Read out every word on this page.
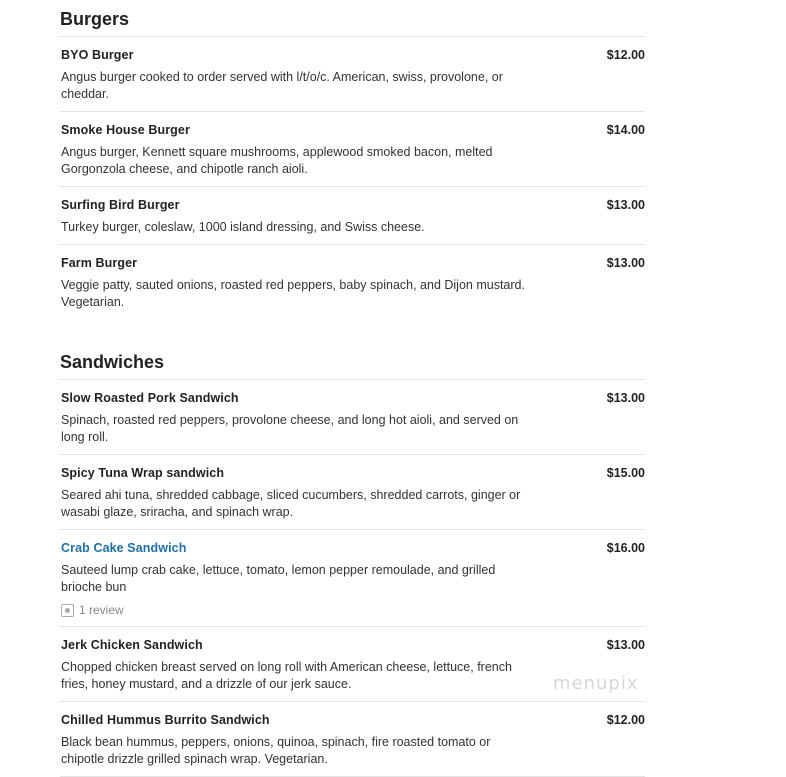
Burgers
BYO Burger	$12.00
Angus burger cooked to order served with l/t/o/c. American, swiss, provolone, or cheddar.
Smoke House Burger	$14.00
Angus burger, Kennett square mushrooms, applewood smoked bacon, melted Gorgonzola cheese, and chipotle ranch aioli.
Surfing Bird Burger	$13.00
Turkey burger, coleslaw, 1000 island dressing, and Swiss cheese.
Farm Burger	$13.00
Veggie patty, sauted onions, roasted red peppers, baby spinach, and Dijon mustard. Vegetarian.
Sandwiches
Slow Roasted Pork Sandwich	$13.00
Spinach, roasted red peppers, provolone cheese, and long hot aioli, and served on long roll.
Spicy Tuna Wrap sandwich	$15.00
Seared ahi tuna, shredded cabbage, sliced cucumbers, shredded carrots, ginger or wasabi glaze, sriracha, and spinach wrap.
Crab Cake Sandwich	$16.00
Sauteed lump crab cake, lettuce, tomato, lemon pepper remoulade, and grilled brioche bun
1 review
Jerk Chicken Sandwich	$13.00
Chopped chicken breast served on long roll with American cheese, lettuce, french fries, honey mustard, and a drizzle of our jerk sauce.
Chilled Hummus Burrito Sandwich	$12.00
Black bean hummus, peppers, onions, quinoa, spinach, fire roasted tomato or chipotle drizzle grilled spinach wrap. Vegetarian.
menupix
